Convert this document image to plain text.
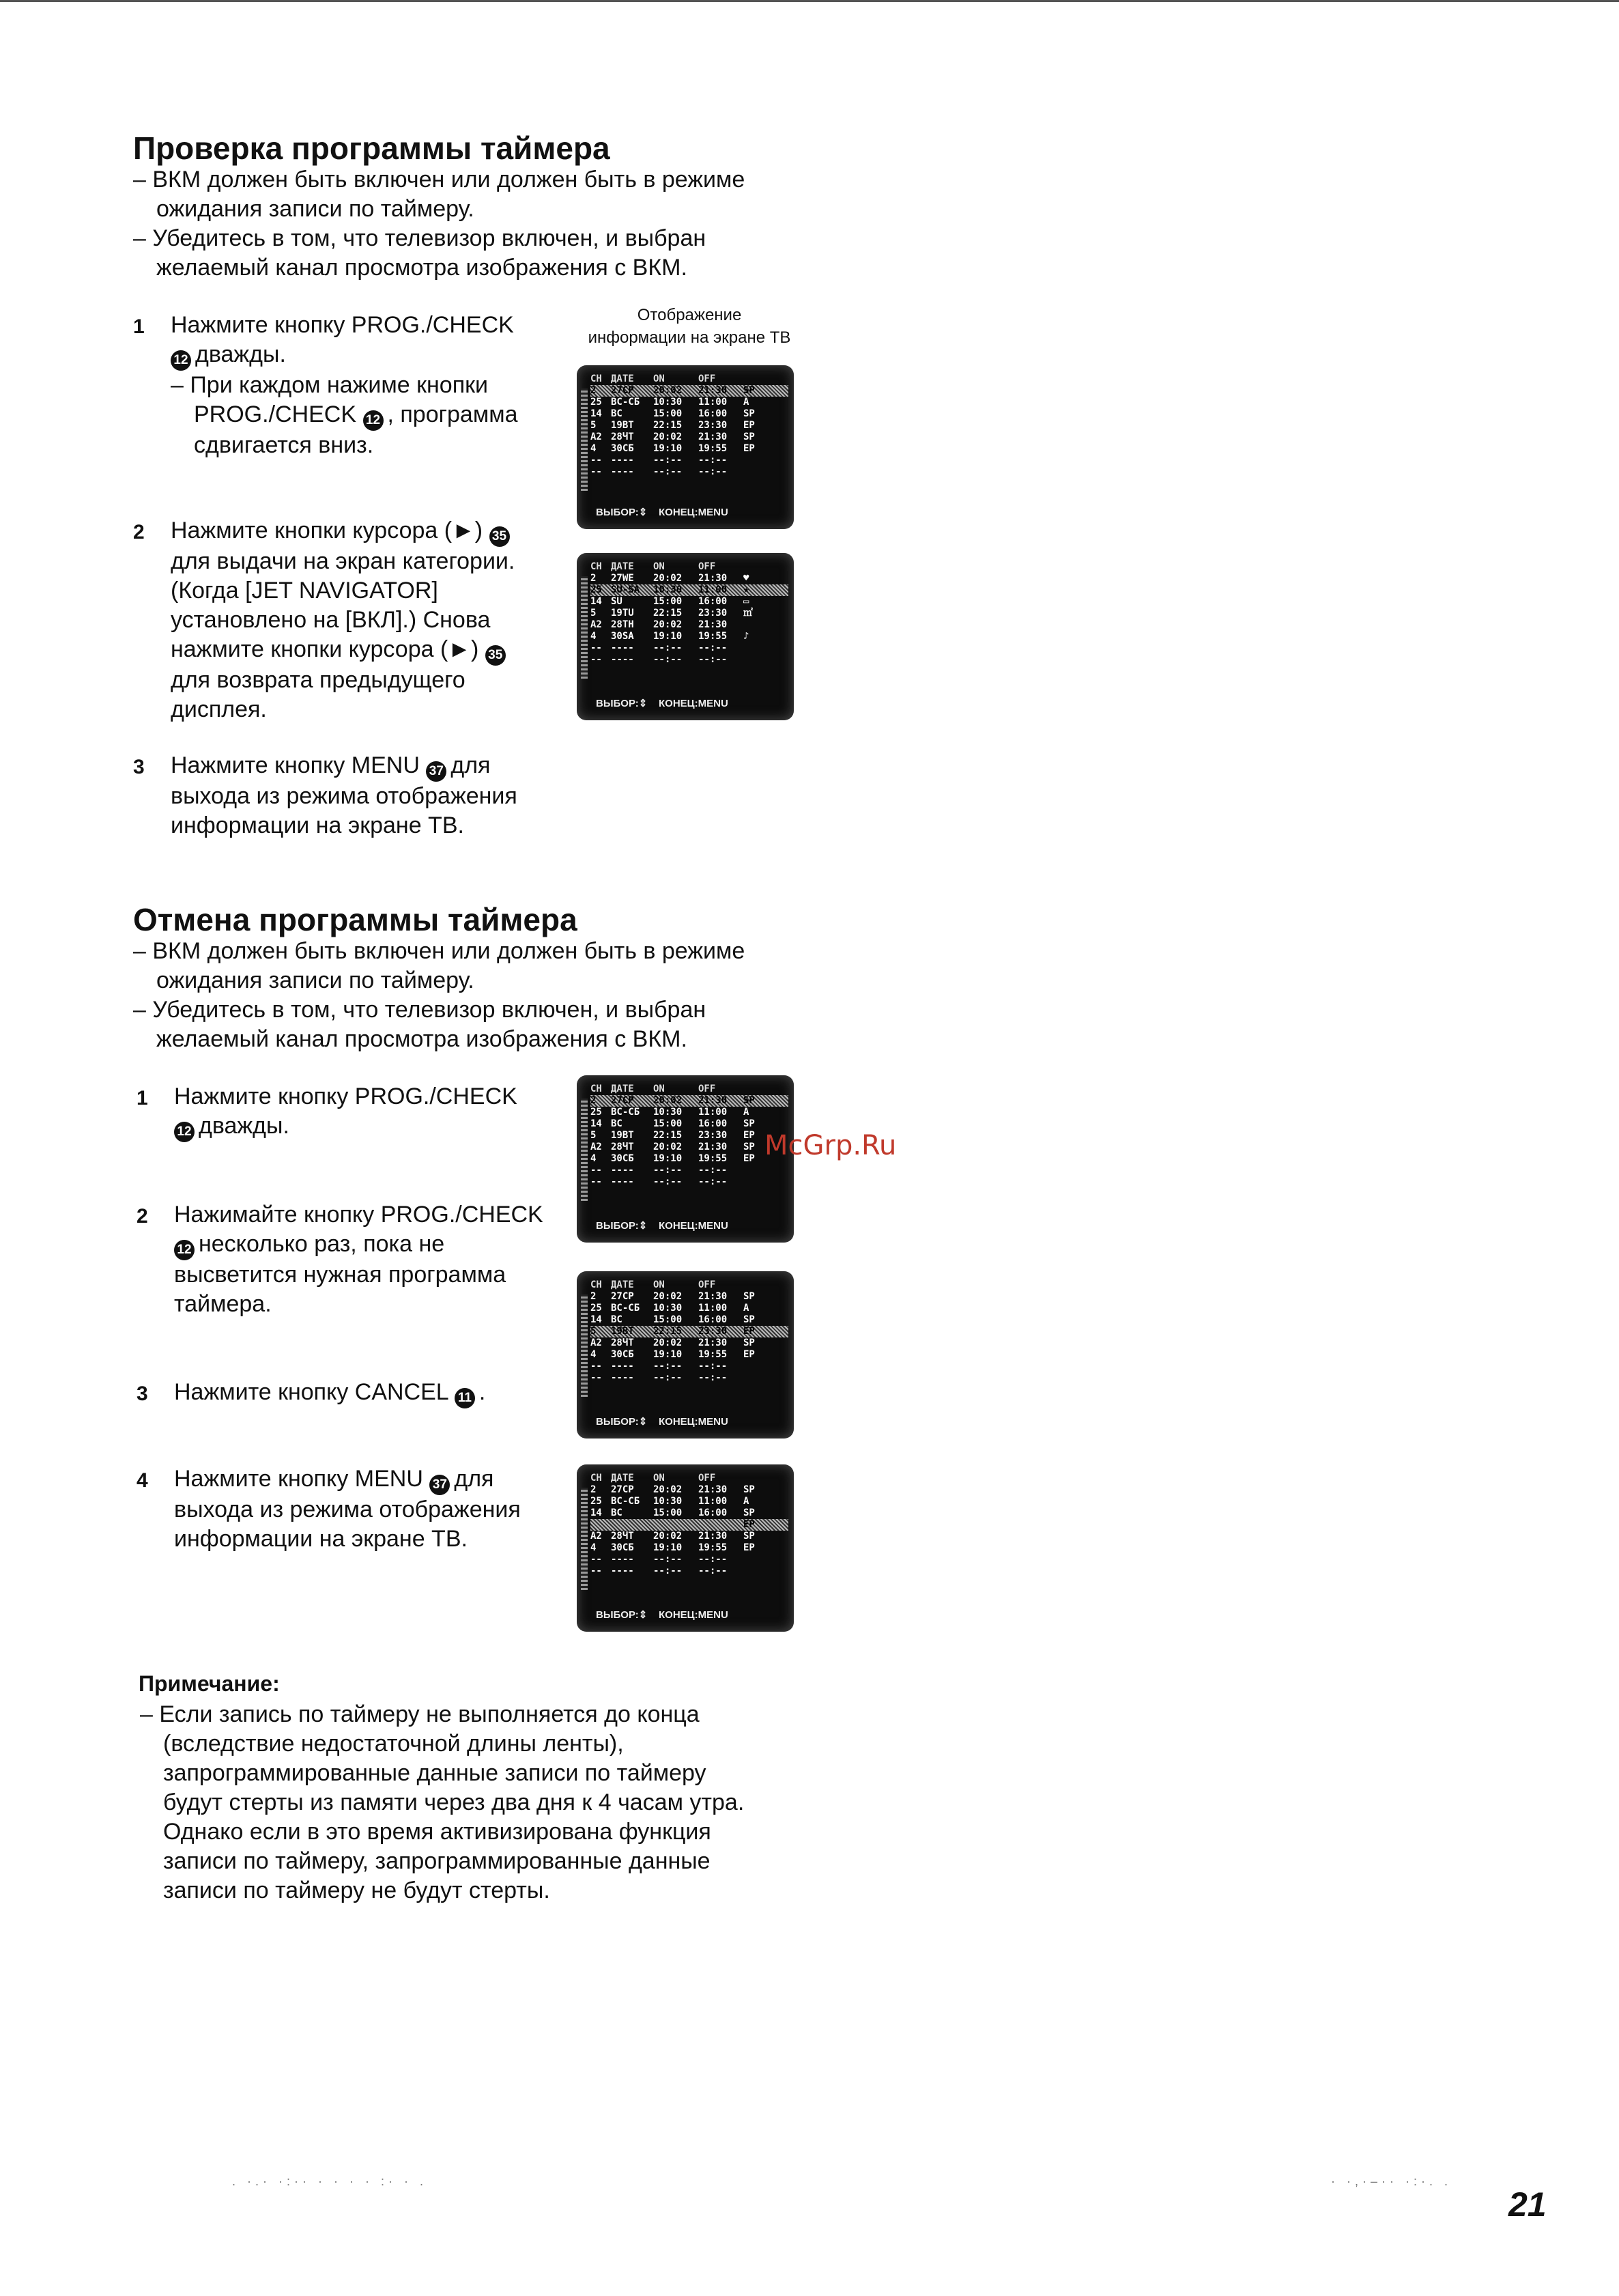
Проверка программы таймера
– ВКМ должен быть включен или должен быть в режиме
ожидания записи по таймеру.
– Убедитесь в том, что телевизор включен, и выбран
желаемый канал просмотра изображения с ВКМ.
Отображение
информации на экране ТВ
1 Нажмите кнопку PROG./CHECK
12 дважды.
– При каждом нажиме кнопки
PROG./CHECK 12 , программа
сдвигается вниз.
2 Нажмите кнопки курсора (►) 35
для выдачи на экран категории.
(Когда [JET NAVIGATOR]
установлено на [ВКЛ].) Снова
нажмите кнопки курсора (►) 35
для возврата предыдущего
дисплея.
3 Нажмите кнопку MENU 37 для
выхода из режима отображения
информации на экране ТВ.
Отмена программы таймера
– ВКМ должен быть включен или должен быть в режиме
ожидания записи по таймеру.
– Убедитесь в том, что телевизор включен, и выбран
желаемый канал просмотра изображения с ВКМ.
1 Нажмите кнопку PROG./CHECK
12 дважды.
2 Нажимайте кнопку PROG./CHECK
12 несколько раз, пока не
высветится нужная программа
таймера.
3 Нажмите кнопку CANCEL 11 .
4 Нажмите кнопку MENU 37 для
выхода из режима отображения
информации на экране ТВ.
CH ДАТЕ	ON	OFF
2	27CP	20:02	21:30	SP
25 BC-CБ	10:30	11:00	A
14 BC	15:00	16:00	SP
5	19BT	22:15	23:30	EP
A2 28ЧT	20:02	21:30	SP
4	30CБ	19:10	19:55	EP
-- ----	--:--	--:--
-- ----	--:--	--:--
ВЫБОР:⇕    КОНЕЦ:MENU
CH ДАТЕ	ON	OFF
2	27WE	20:02	21:30	♥
25 SU-SA	10:30	11:00	★
14 SU	15:00	16:00	▭
5	19TU	22:15	23:30	㎡
A2 28TH	20:02	21:30
4	30SA	19:10	19:55	♪
-- ----	--:--	--:--
-- ----	--:--	--:--
ВЫБОР:⇕    КОНЕЦ:MENU
CH ДАТЕ	ON	OFF
2	27CP	20:02	21:30	SP
25 BC-CБ	10:30	11:00	A
14 BC	15:00	16:00	SP
5	19BT	22:15	23:30	EP
A2 28ЧT	20:02	21:30	SP
4	30CБ	19:10	19:55	EP
-- ----	--:--	--:--
-- ----	--:--	--:--
ВЫБОР:⇕    КОНЕЦ:MENU
CH ДАТЕ	ON	OFF
2	27CP	20:02	21:30	SP
25 BC-CБ	10:30	11:00	A
14 BC	15:00	16:00	SP
5	19BT	22:15	23:30	EP
A2 28ЧT	20:02	21:30	SP
4	30CБ	19:10	19:55	EP
-- ----	--:--	--:--
-- ----	--:--	--:--
ВЫБОР:⇕    КОНЕЦ:MENU
CH ДАТЕ	ON	OFF
2	27CP	20:02	21:30	SP
25 BC-CБ	10:30	11:00	A
14 BC	15:00	16:00	SP
EP
A2 28ЧT	20:02	21:30	SP
4	30CБ	19:10	19:55	EP
-- ----	--:--	--:--
-- ----	--:--	--:--
ВЫБОР:⇕    КОНЕЦ:MENU
McGrp.Ru
Примечание:
– Если запись по таймеру не выполняется до конца
(вследствие недостаточной длины ленты),
запрограммированные данные записи по таймеру
будут стерты из памяти через два дня к 4 часам утра.
Однако если в это время активизирована функция
записи по таймеру, запрограммированные данные
записи по таймеру не будут стерты.
. ·.· ·:·· · · · · :· · .	· ·,·–·· ·:·. .
21
